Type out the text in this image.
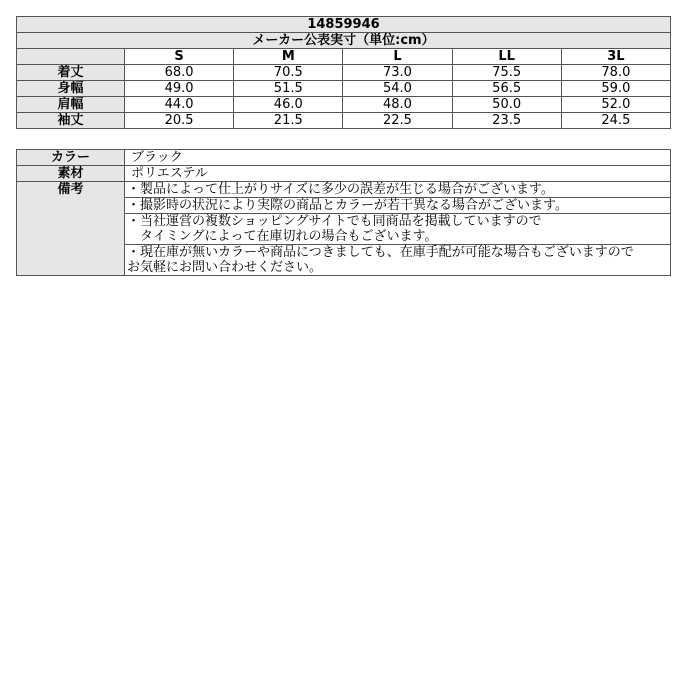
14859946					
メーカー公表実寸（単位:cm）					
	S	M	L	LL	3L
着丈	68.0	70.5	73.0	75.5	78.0
身幅	49.0	51.5	54.0	56.5	59.0
肩幅	44.0	46.0	48.0	50.0	52.0
袖丈	20.5	21.5	22.5	23.5	24.5
カラー	ブラック
素材	ポリエステル
備考	・製品によって仕上がりサイズに多少の誤差が生じる場合がございます。

	・撮影時の状況により実際の商品とカラーが若干異なる場合がございます。

	・当社運営の複数ショッピングサイトでも同商品を掲載していますので
　タイミングによって在庫切れの場合もございます。

	・現在庫が無いカラーや商品につきましても、在庫手配が可能な場合もございますので
お気軽にお問い合わせください。
